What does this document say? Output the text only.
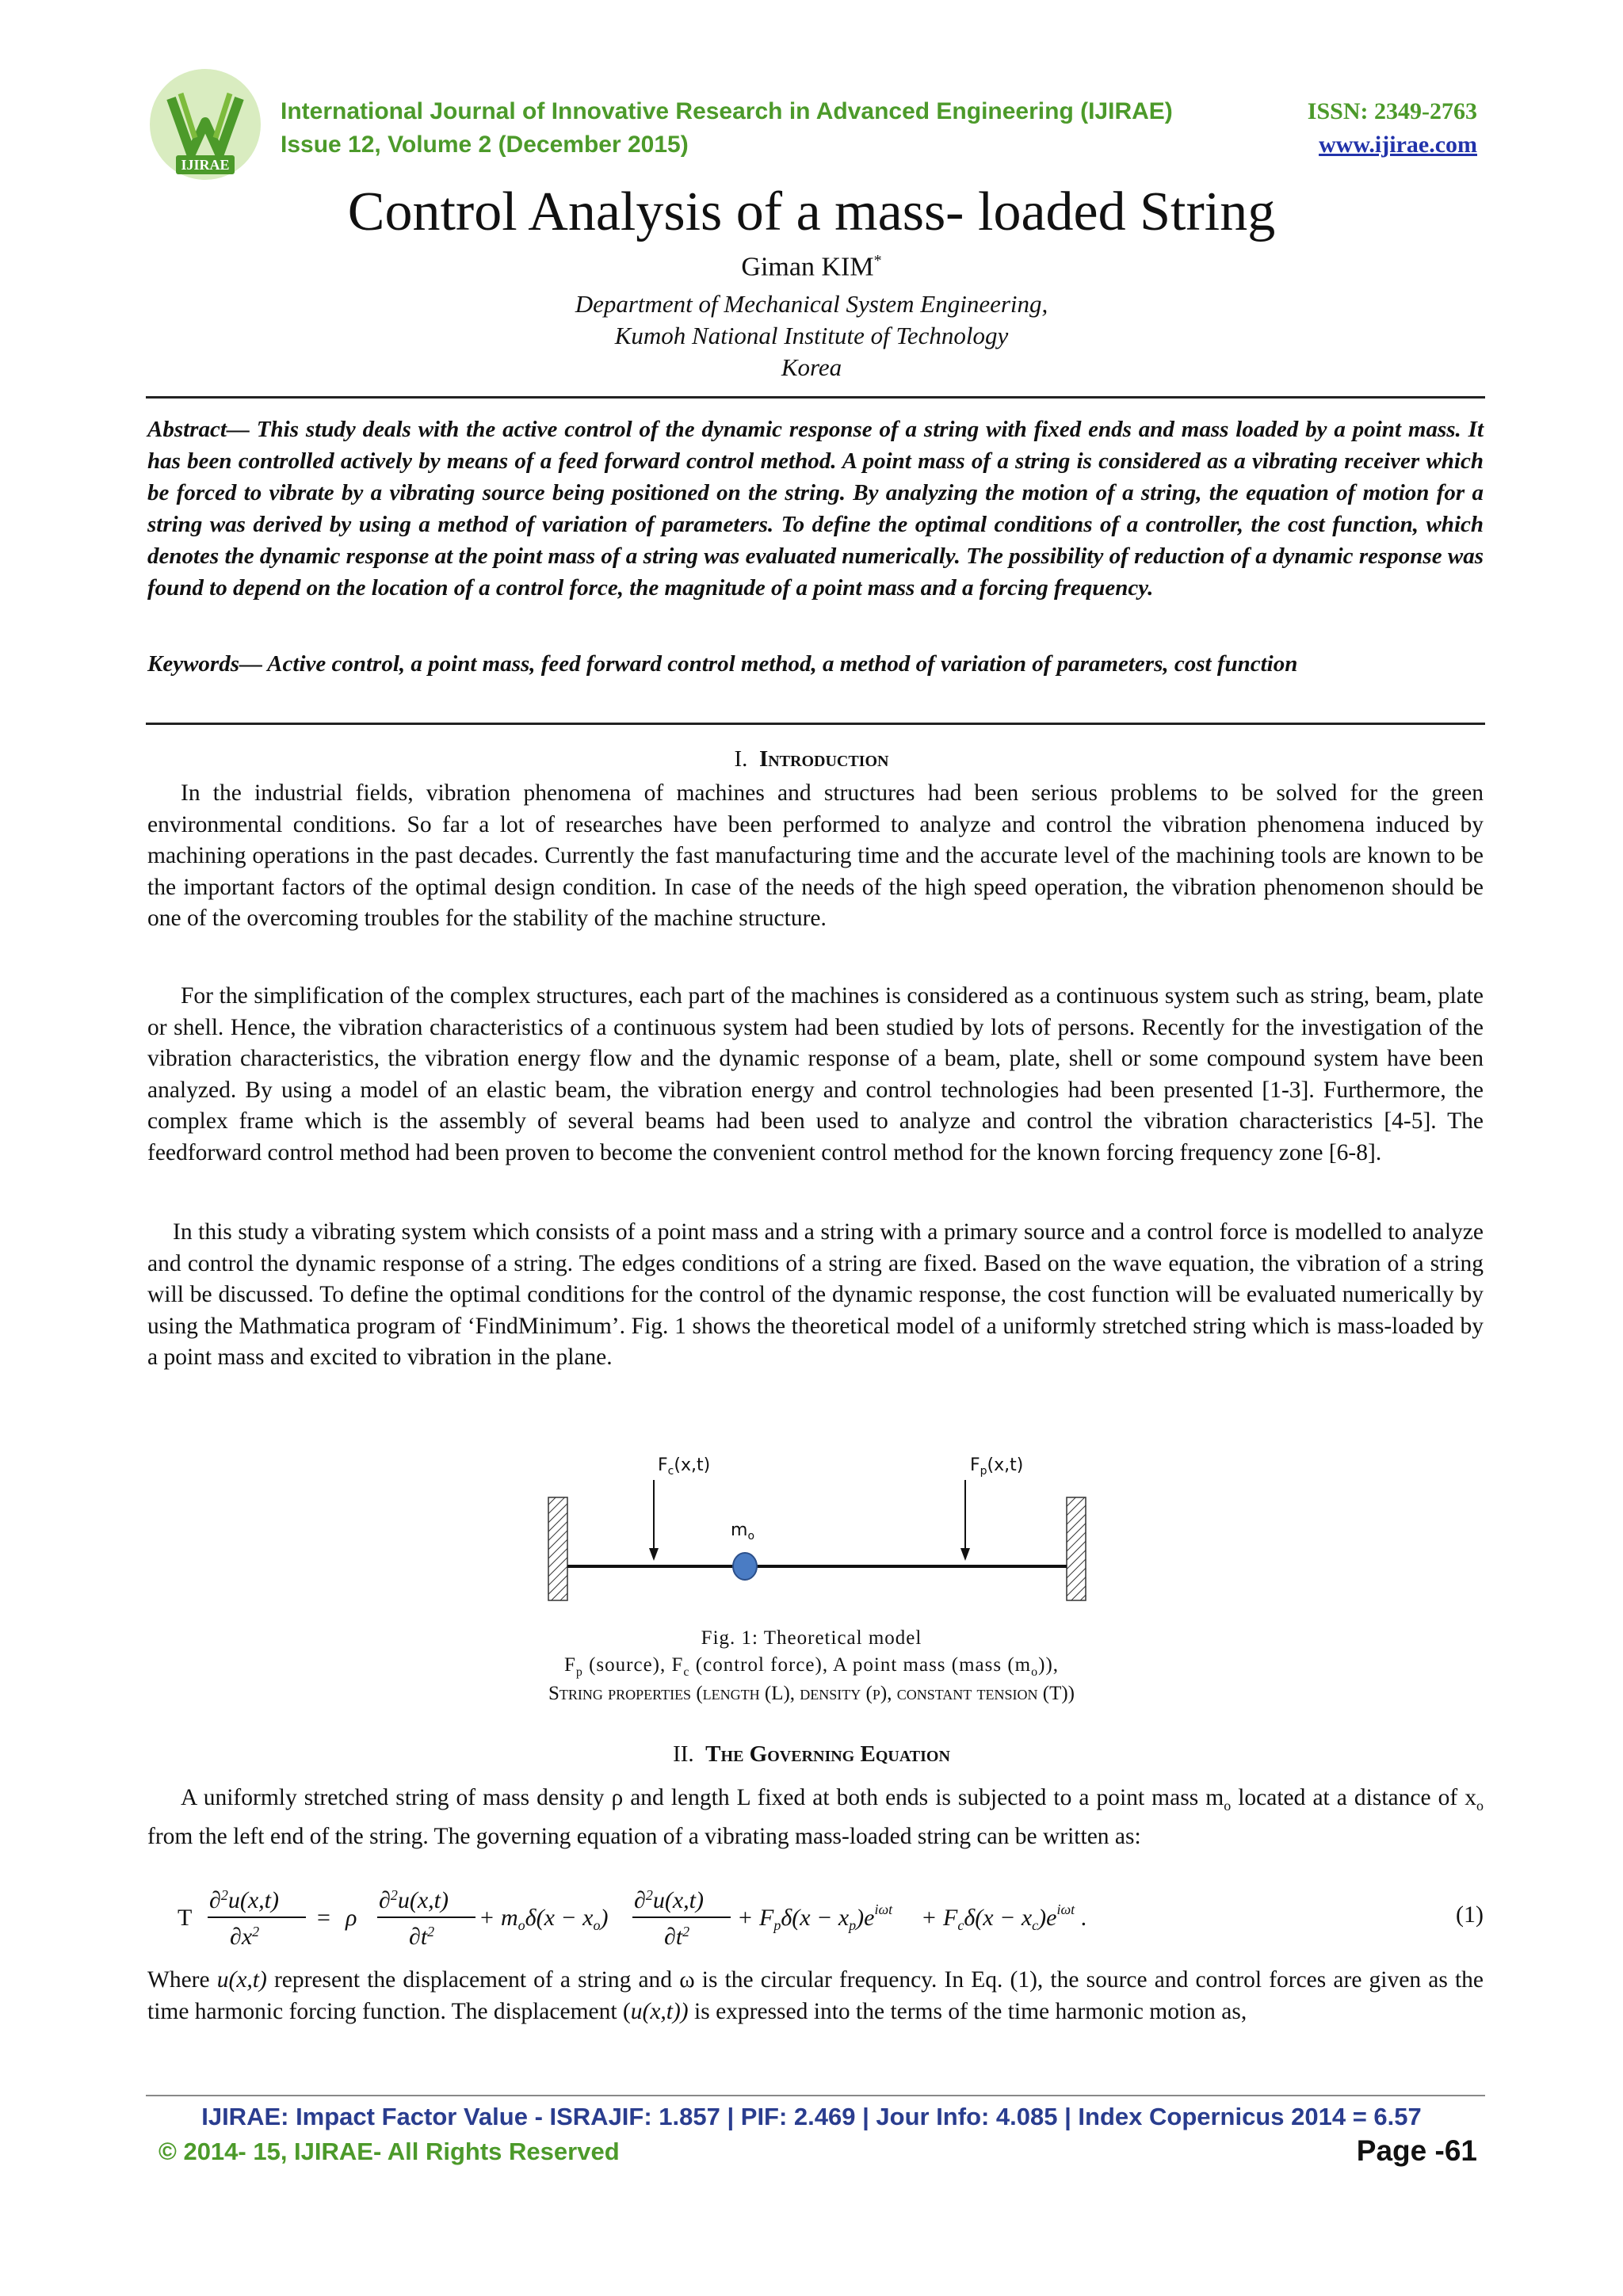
IJIRAE
International Journal of Innovative Research in Advanced Engineering (IJIRAE)
Issue 12, Volume 2 (December 2015)
ISSN: 2349-2763
www.ijirae.com
Control Analysis of a mass- loaded String
Giman KIM*
Department of Mechanical System Engineering,
Kumoh National Institute of Technology
Korea
Abstract— This study deals with the active control of the dynamic response of a string with fixed ends and mass loaded by a point mass. It has been controlled actively by means of a feed forward control method. A point mass of a string is considered as a vibrating receiver which be forced to vibrate by a vibrating source being positioned on the string. By analyzing the motion of a string, the equation of motion for a string was derived by using a method of variation of parameters. To define the optimal conditions of a controller, the cost function, which denotes the dynamic response at the point mass of a string was evaluated numerically. The possibility of reduction of a dynamic response was found to depend on the location of a control force, the magnitude of a point mass and a forcing frequency.
Keywords— Active control, a point mass, feed forward control method, a method of variation of parameters, cost function
I. Introduction
In the industrial fields, vibration phenomena of machines and structures had been serious problems to be solved for the green environmental conditions. So far a lot of researches have been performed to analyze and control the vibration phenomena induced by machining operations in the past decades. Currently the fast manufacturing time and the accurate level of the machining tools are known to be the important factors of the optimal design condition. In case of the needs of the high speed operation, the vibration phenomenon should be one of the overcoming troubles for the stability of the machine structure.
For the simplification of the complex structures, each part of the machines is considered as a continuous system such as string, beam, plate or shell. Hence, the vibration characteristics of a continuous system had been studied by lots of persons. Recently for the investigation of the vibration characteristics, the vibration energy flow and the dynamic response of a beam, plate, shell or some compound system have been analyzed. By using a model of an elastic beam, the vibration energy and control technologies had been presented [1-3]. Furthermore, the complex frame which is the assembly of several beams had been used to analyze and control the vibration characteristics [4-5]. The feedforward control method had been proven to become the convenient control method for the known forcing frequency zone [6-8].
In this study a vibrating system which consists of a point mass and a string with a primary source and a control force is modelled to analyze and control the dynamic response of a string. The edges conditions of a string are fixed. Based on the wave equation, the vibration of a string will be discussed. To define the optimal conditions for the control of the dynamic response, the cost function will be evaluated numerically by using the Mathmatica program of ‘FindMinimum’. Fig. 1 shows the theoretical model of a uniformly stretched string which is mass-loaded by a point mass and excited to vibration in the plane.
$F_c(x,t)$	$F_p(x,t)$
$m_o$
Fig. 1: Theoretical model
$F_p$ (source), $F_c$ (control force), A point mass (mass $(m_o)$),
String properties (length (L), density (ρ), constant tension (T))
II. The Governing Equation
A uniformly stretched string of mass density ρ and length L fixed at both ends is subjected to a point mass $m_o$ located at a distance of $x_o$ from the left end of the string. The governing equation of a vibrating mass-loaded string can be written as:
T
∂$^2$u(x,t)
$\partial x^2$
= ρ
∂$^2$u(x,t)
$\partial t^2$
+ $m_o\delta(x - x_o)$
∂$^2$u(x,t)
$\partial t^2$
+ $F_p\delta(x - x_p)e^{i\omega t} + F_c\delta(x - x_c)e^{i\omega t}$ .	(1)
Where u(x,t) represent the displacement of a string and ω is the circular frequency. In Eq. (1), the source and control forces are given as the time harmonic forcing function. The displacement (u(x,t)) is expressed into the terms of the time harmonic motion as,
IJIRAE: Impact Factor Value - ISRAJIF: 1.857 | PIF: 2.469 | Jour Info: 4.085 | Index Copernicus 2014 = 6.57
© 2014- 15, IJIRAE- All Rights Reserved	Page -61
